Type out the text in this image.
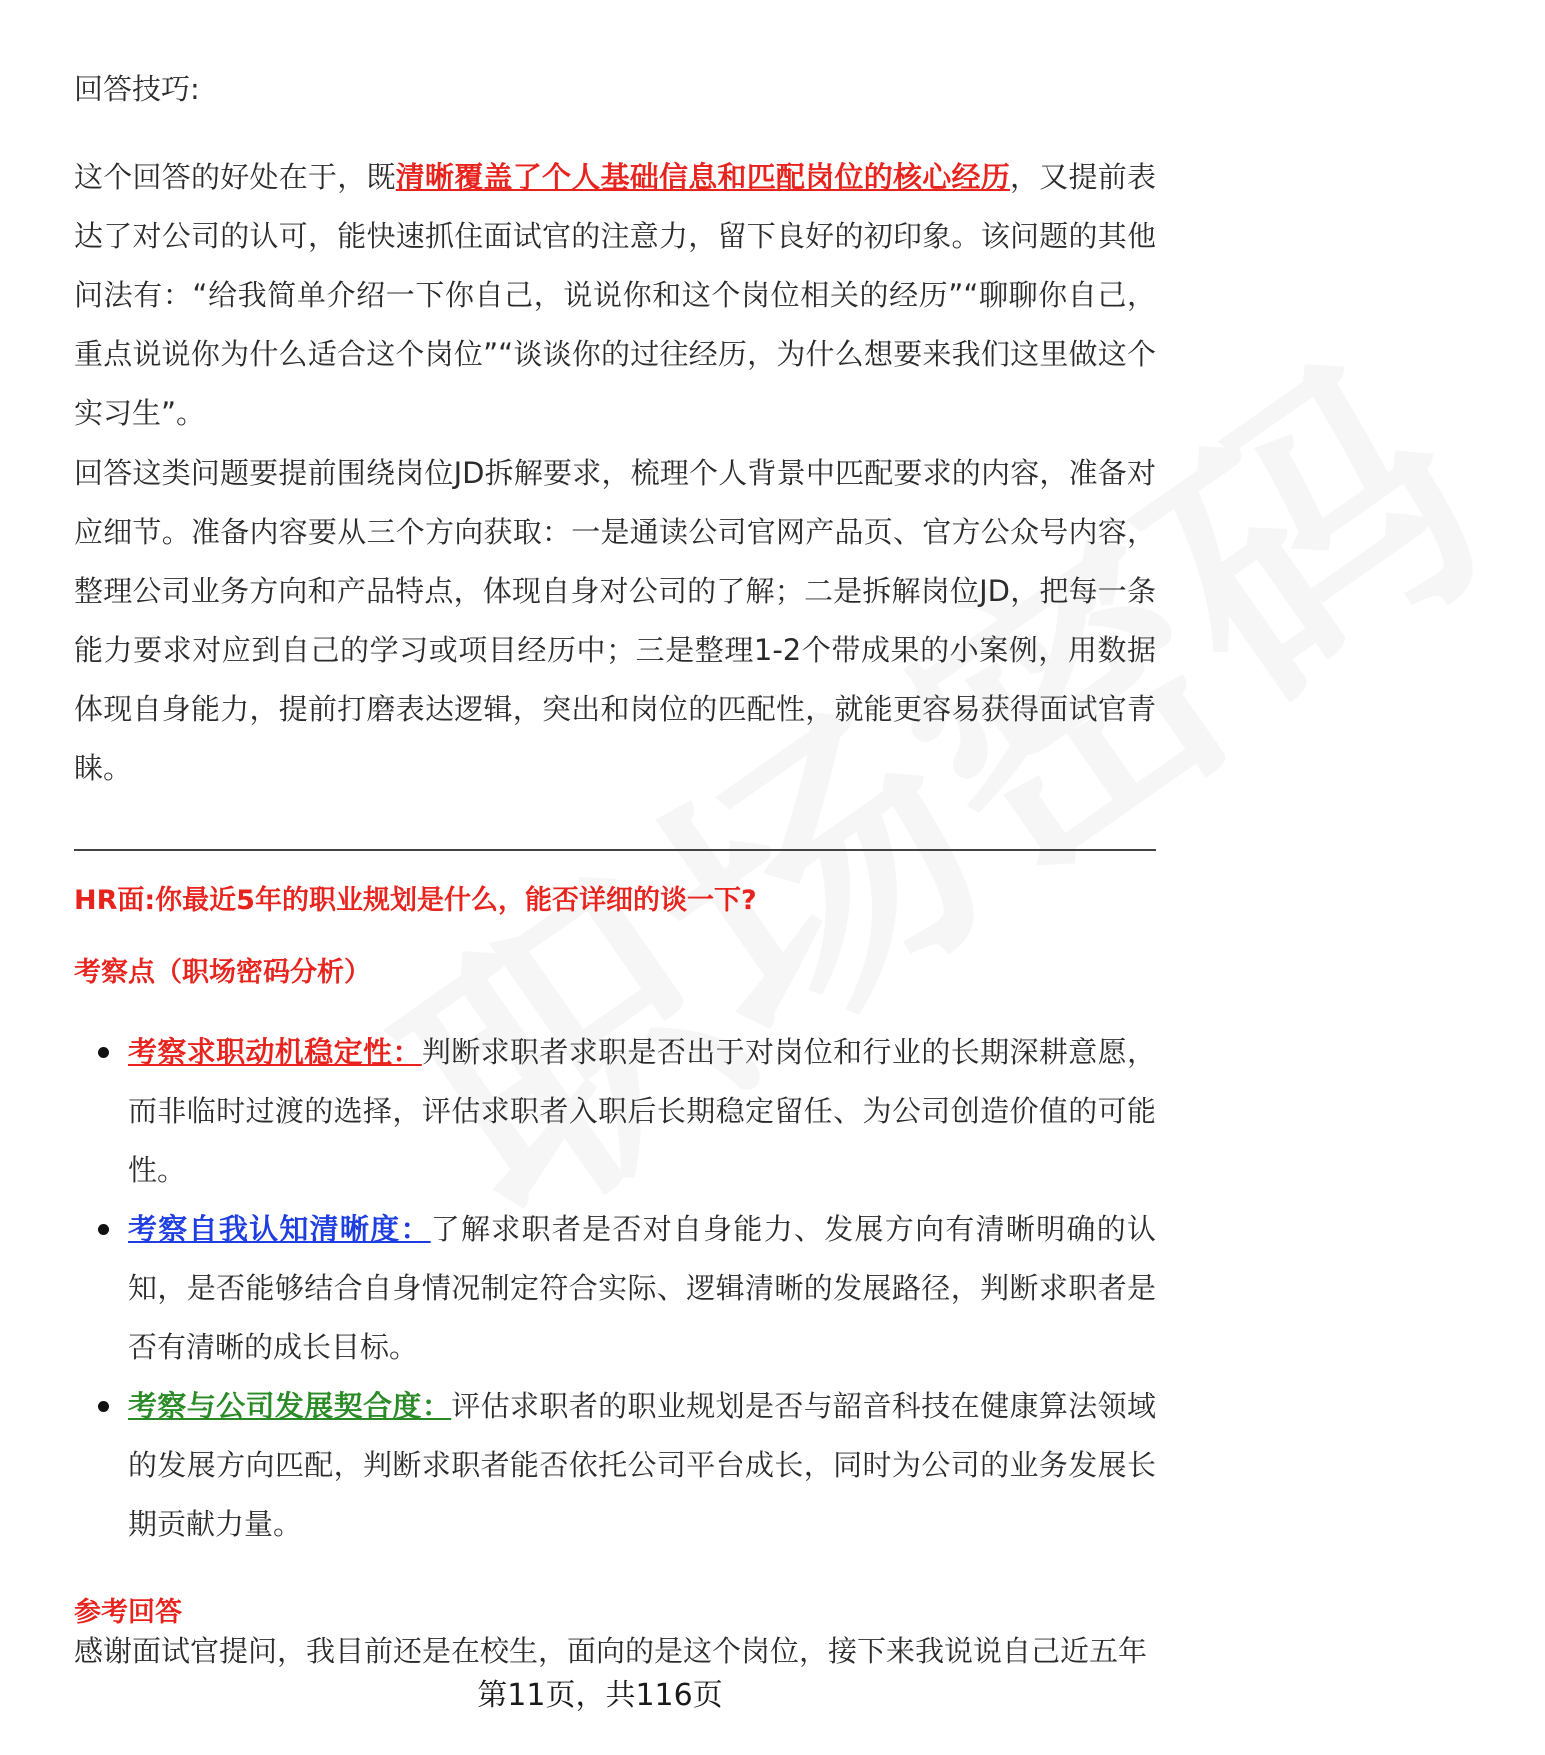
回答技巧:

这个回答的好处在于，既清晰覆盖了个人基础信息和匹配岗位的核心经历，又提前表达了对公司的认可，能快速抓住面试官的注意力，留下良好的初印象。该问题的其他问法有：“给我简单介绍一下你自己，说说你和这个岗位相关的经历”“聊聊你自己，重点说说你为什么适合这个岗位”“谈谈你的过往经历，为什么想要来我们这里做这个实习生”。

回答这类问题要提前围绕岗位JD拆解要求，梳理个人背景中匹配要求的内容，准备对应细节。准备内容要从三个方向获取：一是通读公司官网产品页、官方公众号内容，整理公司业务方向和产品特点，体现自身对公司的了解；二是拆解岗位JD，把每一条能力要求对应到自己的学习或项目经历中；三是整理1-2个带成果的小案例，用数据体现自身能力，提前打磨表达逻辑，突出和岗位的匹配性，就能更容易获得面试官青睐。

HR面:你最近5年的职业规划是什么，能否详细的谈一下?

考察点（职场密码分析）

考察求职动机稳定性：判断求职者求职是否出于对岗位和行业的长期深耕意愿，而非临时过渡的选择，评估求职者入职后长期稳定留任、为公司创造价值的可能性。
考察自我认知清晰度：了解求职者是否对自身能力、发展方向有清晰明确的认知，是否能够结合自身情况制定符合实际、逻辑清晰的发展路径，判断求职者是否有清晰的成长目标。
考察与公司发展契合度：评估求职者的职业规划是否与韶音科技在健康算法领域的发展方向匹配，判断求职者能否依托公司平台成长，同时为公司的业务发展长期贡献力量。

参考回答

感谢面试官提问，我目前还是在校生，面向的是这个岗位，接下来我说说自己近五年
第11页，共116页
